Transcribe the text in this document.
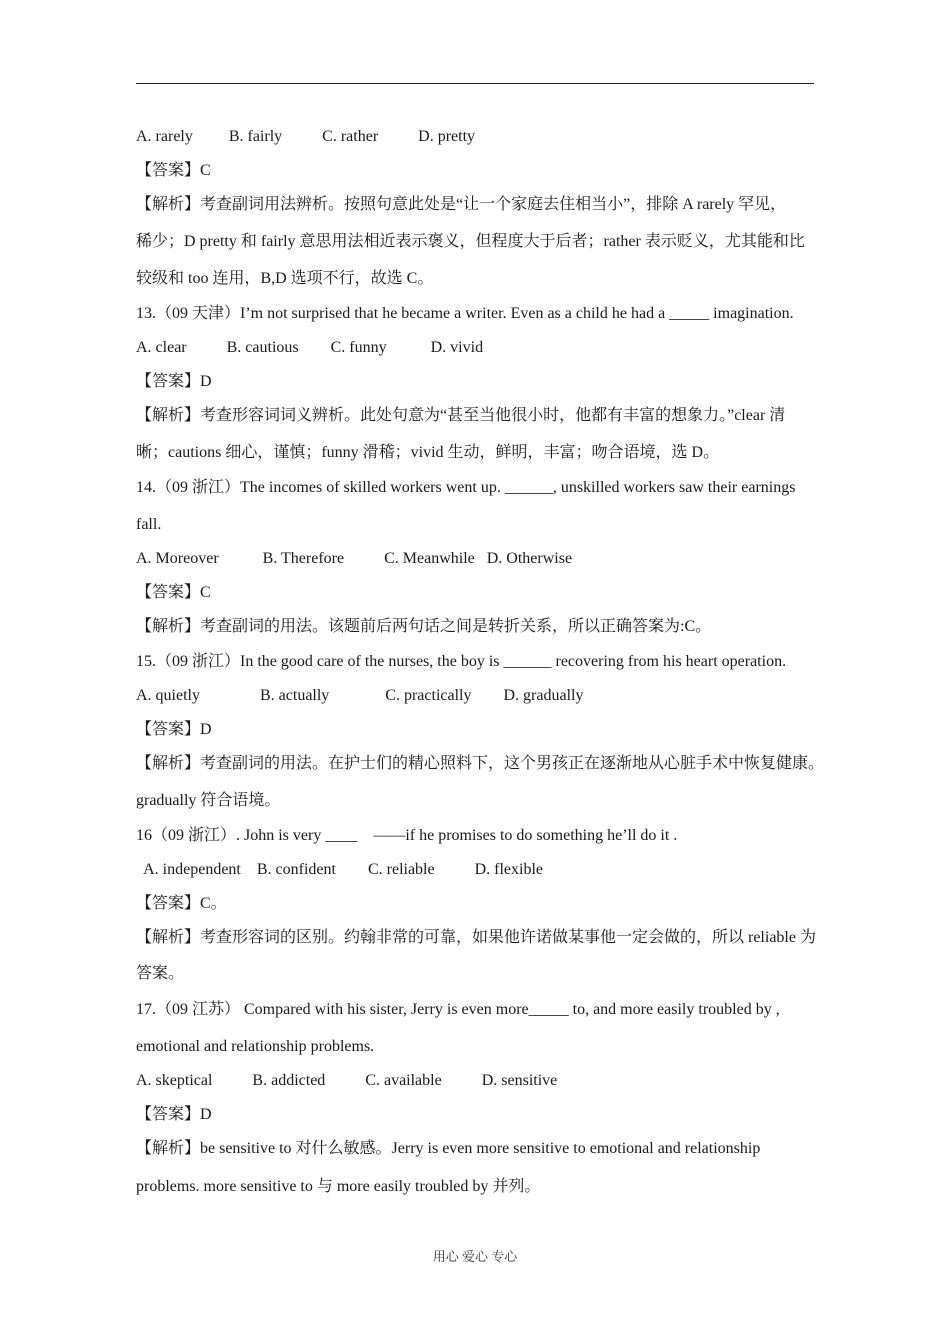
A. rarely         B. fairly          C. rather          D. pretty
【答案】C
【解析】考查副词用法辨析。按照句意此处是“让一个家庭去住相当小”，排除 A rarely 罕见，
稀少；D pretty 和 fairly 意思用法相近表示褒义，但程度大于后者；rather 表示贬义，尤其能和比
较级和 too 连用，B,D 选项不行，故选 C。
13.（09 天津）I’m not surprised that he became a writer. Even as a child he had a _____ imagination.
A. clear          B. cautious        C. funny           D. vivid
【答案】D
【解析】考查形容词词义辨析。此处句意为“甚至当他很小时，他都有丰富的想象力。”clear 清
晰；cautions 细心，谨慎；funny 滑稽；vivid 生动，鲜明，丰富；吻合语境，选 D。
14.（09 浙江）The incomes of skilled workers went up. ______, unskilled workers saw their earnings
fall.
A. Moreover           B. Therefore          C. Meanwhile   D. Otherwise
【答案】C
【解析】考查副词的用法。该题前后两句话之间是转折关系，所以正确答案为:C。
15.（09 浙江）In the good care of the nurses, the boy is ______ recovering from his heart operation.
A. quietly               B. actually              C. practically        D. gradually
【答案】D
【解析】考查副词的用法。在护士们的精心照料下，这个男孩正在逐渐地从心脏手术中恢复健康。
gradually 符合语境。
16（09 浙江）. John is very ____    ——if he promises to do something he’ll do it .
A. independent    B. confident        C. reliable          D. flexible
【答案】C。
【解析】考查形容词的区别。约翰非常的可靠，如果他许诺做某事他一定会做的，所以 reliable 为
答案。
17.（09 江苏） Compared with his sister, Jerry is even more_____ to, and more easily troubled by ,
emotional and relationship problems.
A. skeptical          B. addicted          C. available          D. sensitive
【答案】D
【解析】be sensitive to 对什么敏感。Jerry is even more sensitive to emotional and relationship
problems. more sensitive to 与 more easily troubled by 并列。
用心 爱心 专心
